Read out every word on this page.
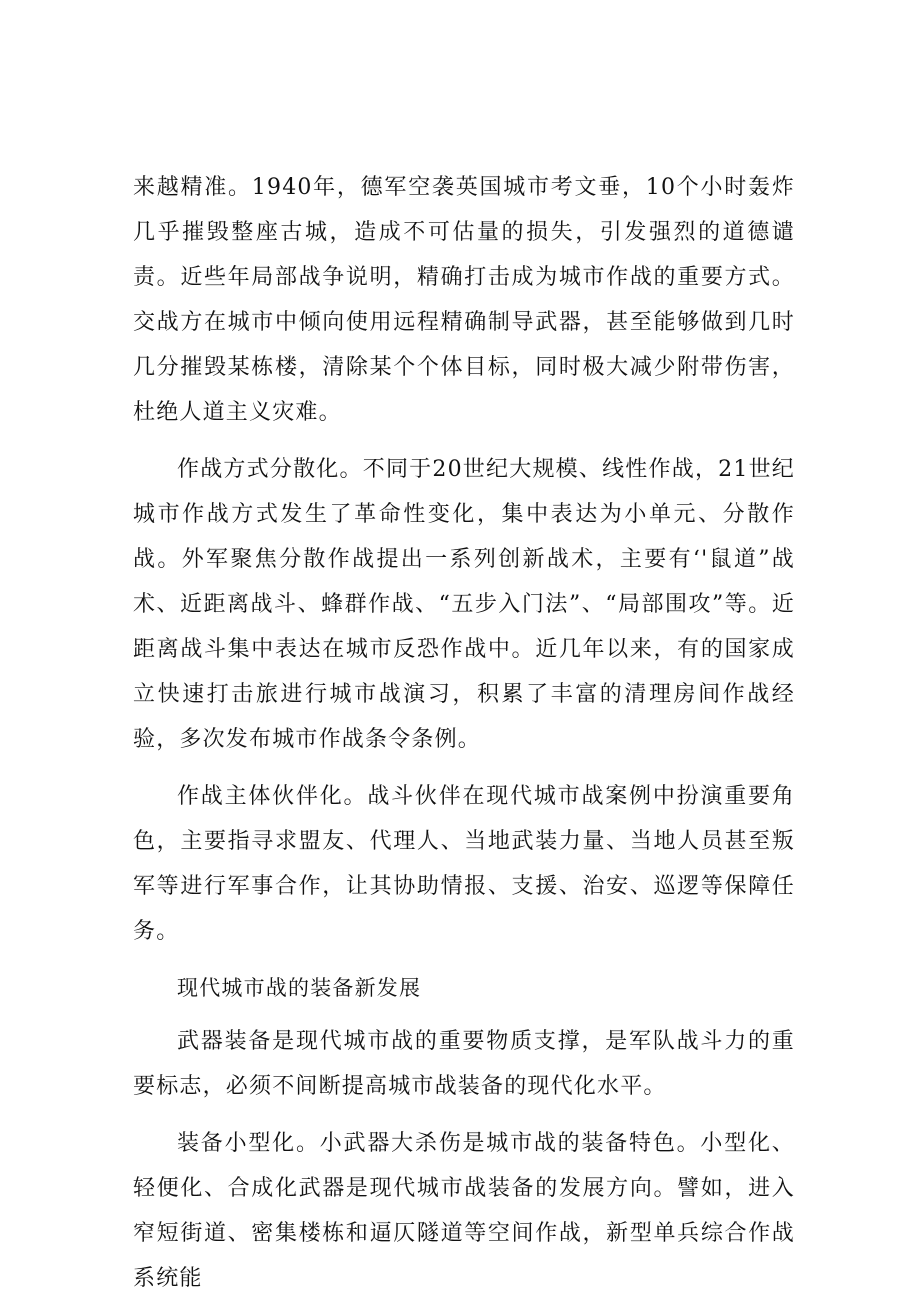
来越精准。1940年，德军空袭英国城市考文垂，10个小时轰炸几乎摧毁整座古城，造成不可估量的损失，引发强烈的道德谴责。近些年局部战争说明，精确打击成为城市作战的重要方式。交战方在城市中倾向使用远程精确制导武器，甚至能够做到几时几分摧毁某栋楼，清除某个个体目标，同时极大减少附带伤害，杜绝人道主义灾难。

作战方式分散化。不同于20世纪大规模、线性作战，21世纪城市作战方式发生了革命性变化，集中表达为小单元、分散作战。外军聚焦分散作战提出一系列创新战术，主要有‘'鼠道”战术、近距离战斗、蜂群作战、“五步入门法”、“局部围攻”等。近距离战斗集中表达在城市反恐作战中。近几年以来，有的国家成立快速打击旅进行城市战演习，积累了丰富的清理房间作战经验，多次发布城市作战条令条例。

作战主体伙伴化。战斗伙伴在现代城市战案例中扮演重要角色，主要指寻求盟友、代理人、当地武装力量、当地人员甚至叛军等进行军事合作，让其协助情报、支援、治安、巡逻等保障任务。

现代城市战的装备新发展

武器装备是现代城市战的重要物质支撑，是军队战斗力的重要标志，必须不间断提高城市战装备的现代化水平。

装备小型化。小武器大杀伤是城市战的装备特色。小型化、轻便化、合成化武器是现代城市战装备的发展方向。譬如，进入窄短街道、密集楼栋和逼仄隧道等空间作战，新型单兵综合作战系统能
